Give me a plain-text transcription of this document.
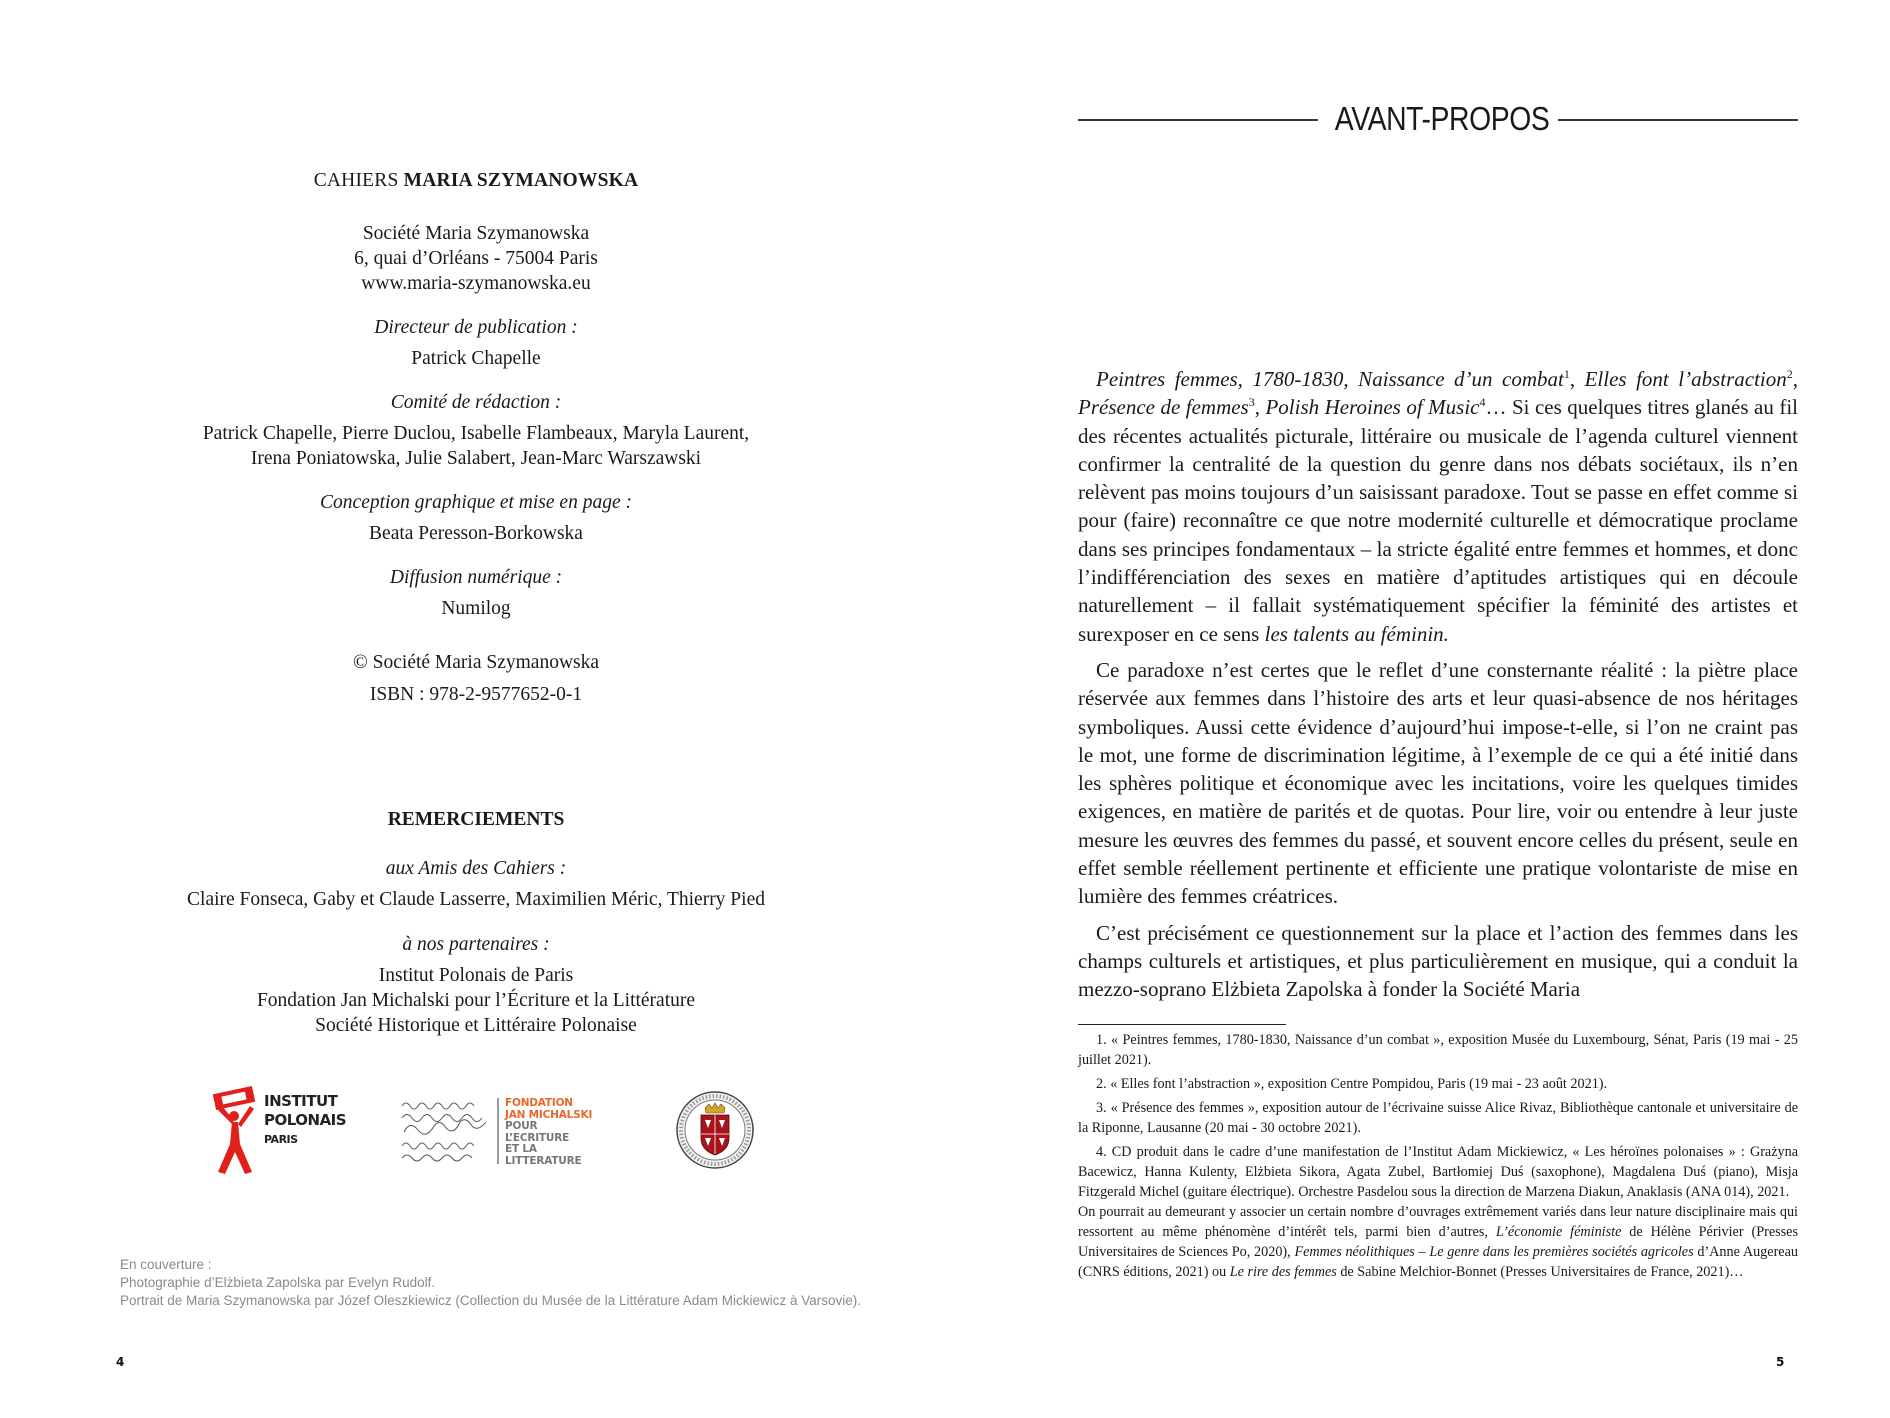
CAHIERS MARIA SZYMANOWSKA
Société Maria Szymanowska
6, quai d’Orléans - 75004 Paris
www.maria-szymanowska.eu
Directeur de publication :
Patrick Chapelle
Comité de rédaction :
Patrick Chapelle, Pierre Duclou, Isabelle Flambeaux, Maryla Laurent,
Irena Poniatowska, Julie Salabert, Jean-Marc Warszawski
Conception graphique et mise en page :
Beata Peresson-Borkowska
Diffusion numérique :
Numilog
© Société Maria Szymanowska
ISBN : 978-2-9577652-0-1
REMERCIEMENTS
aux Amis des Cahiers :
Claire Fonseca, Gaby et Claude Lasserre, Maximilien Méric, Thierry Pied
à nos partenaires :
Institut Polonais de Paris
Fondation Jan Michalski pour l’Écriture et la Littérature
Société Historique et Littéraire Polonaise
INSTITUT
POLONAIS
PARIS
FONDATION
JAN MICHALSKI
POUR
L’ECRITURE
ET LA
LITTERATURE
En couverture :
Photographie d’Elżbieta Zapolska par Evelyn Rudolf.
Portrait de Maria Szymanowska par Józef Oleszkiewicz (Collection du Musée de la Littérature Adam Mickiewicz à Varsovie).
4
AVANT-PROPOS

Peintres femmes, 1780-1830, Naissance d’un combat$^1$, Elles font l’abstraction$^2$, Présence de femmes$^3$, Polish Heroines of Music$^4$… Si ces quelques titres glanés au fil des récentes actualités picturale, littéraire ou musicale de l’agenda culturel viennent confirmer la centralité de la question du genre dans nos débats sociétaux, ils n’en relèvent pas moins toujours d’un saisissant paradoxe. Tout se passe en effet comme si pour (faire) reconnaître ce que notre modernité culturelle et démocratique proclame dans ses principes fondamentaux – la stricte égalité entre femmes et hommes, et donc l’indifférenciation des sexes en matière d’aptitudes artistiques qui en découle naturellement – il fallait systématiquement spécifier la féminité des artistes et surexposer en ce sens les talents au féminin.

Ce paradoxe n’est certes que le reflet d’une consternante réalité : la piètre place réservée aux femmes dans l’histoire des arts et leur quasi-absence de nos héritages symboliques. Aussi cette évidence d’aujourd’hui impose-t-elle, si l’on ne craint pas le mot, une forme de discrimination légitime, à l’exemple de ce qui a été initié dans les sphères politique et économique avec les incitations, voire les quelques timides exigences, en matière de parités et de quotas. Pour lire, voir ou entendre à leur juste mesure les œuvres des femmes du passé, et souvent encore celles du présent, seule en effet semble réellement pertinente et efficiente une pratique volontariste de mise en lumière des femmes créatrices.

C’est précisément ce questionnement sur la place et l’action des femmes dans les champs culturels et artistiques, et plus particulièrement en musique, qui a conduit la mezzo-soprano Elżbieta Zapolska à fonder la Société Maria

1. « Peintres femmes, 1780-1830, Naissance d’un combat », exposition Musée du Luxembourg, Sénat, Paris (19 mai - 25 juillet 2021).
2. « Elles font l’abstraction », exposition Centre Pompidou, Paris (19 mai - 23 août 2021).
3. « Présence des femmes », exposition autour de l’écrivaine suisse Alice Rivaz, Bibliothèque cantonale et universitaire de la Riponne, Lausanne (20 mai - 30 octobre 2021).
4. CD produit dans le cadre d’une manifestation de l’Institut Adam Mickiewicz, « Les héroïnes polonaises » : Grażyna Bacewicz, Hanna Kulenty, Elżbieta Sikora, Agata Zubel, Bartłomiej Duś (saxophone), Magdalena Duś (piano), Misja Fitzgerald Michel (guitare électrique). Orchestre Pasdelou sous la direction de Marzena Diakun, Anaklasis (ANA 014), 2021.
On pourrait au demeurant y associer un certain nombre d’ouvrages extrêmement variés dans leur nature disciplinaire mais qui ressortent au même phénomène d’intérêt tels, parmi bien d’autres, L’économie féministe de Hélène Périvier (Presses Universitaires de Sciences Po, 2020), Femmes néolithiques – Le genre dans les premières sociétés agricoles d’Anne Augereau (CNRS éditions, 2021) ou Le rire des femmes de Sabine Melchior-Bonnet (Presses Universitaires de France, 2021)…
5
